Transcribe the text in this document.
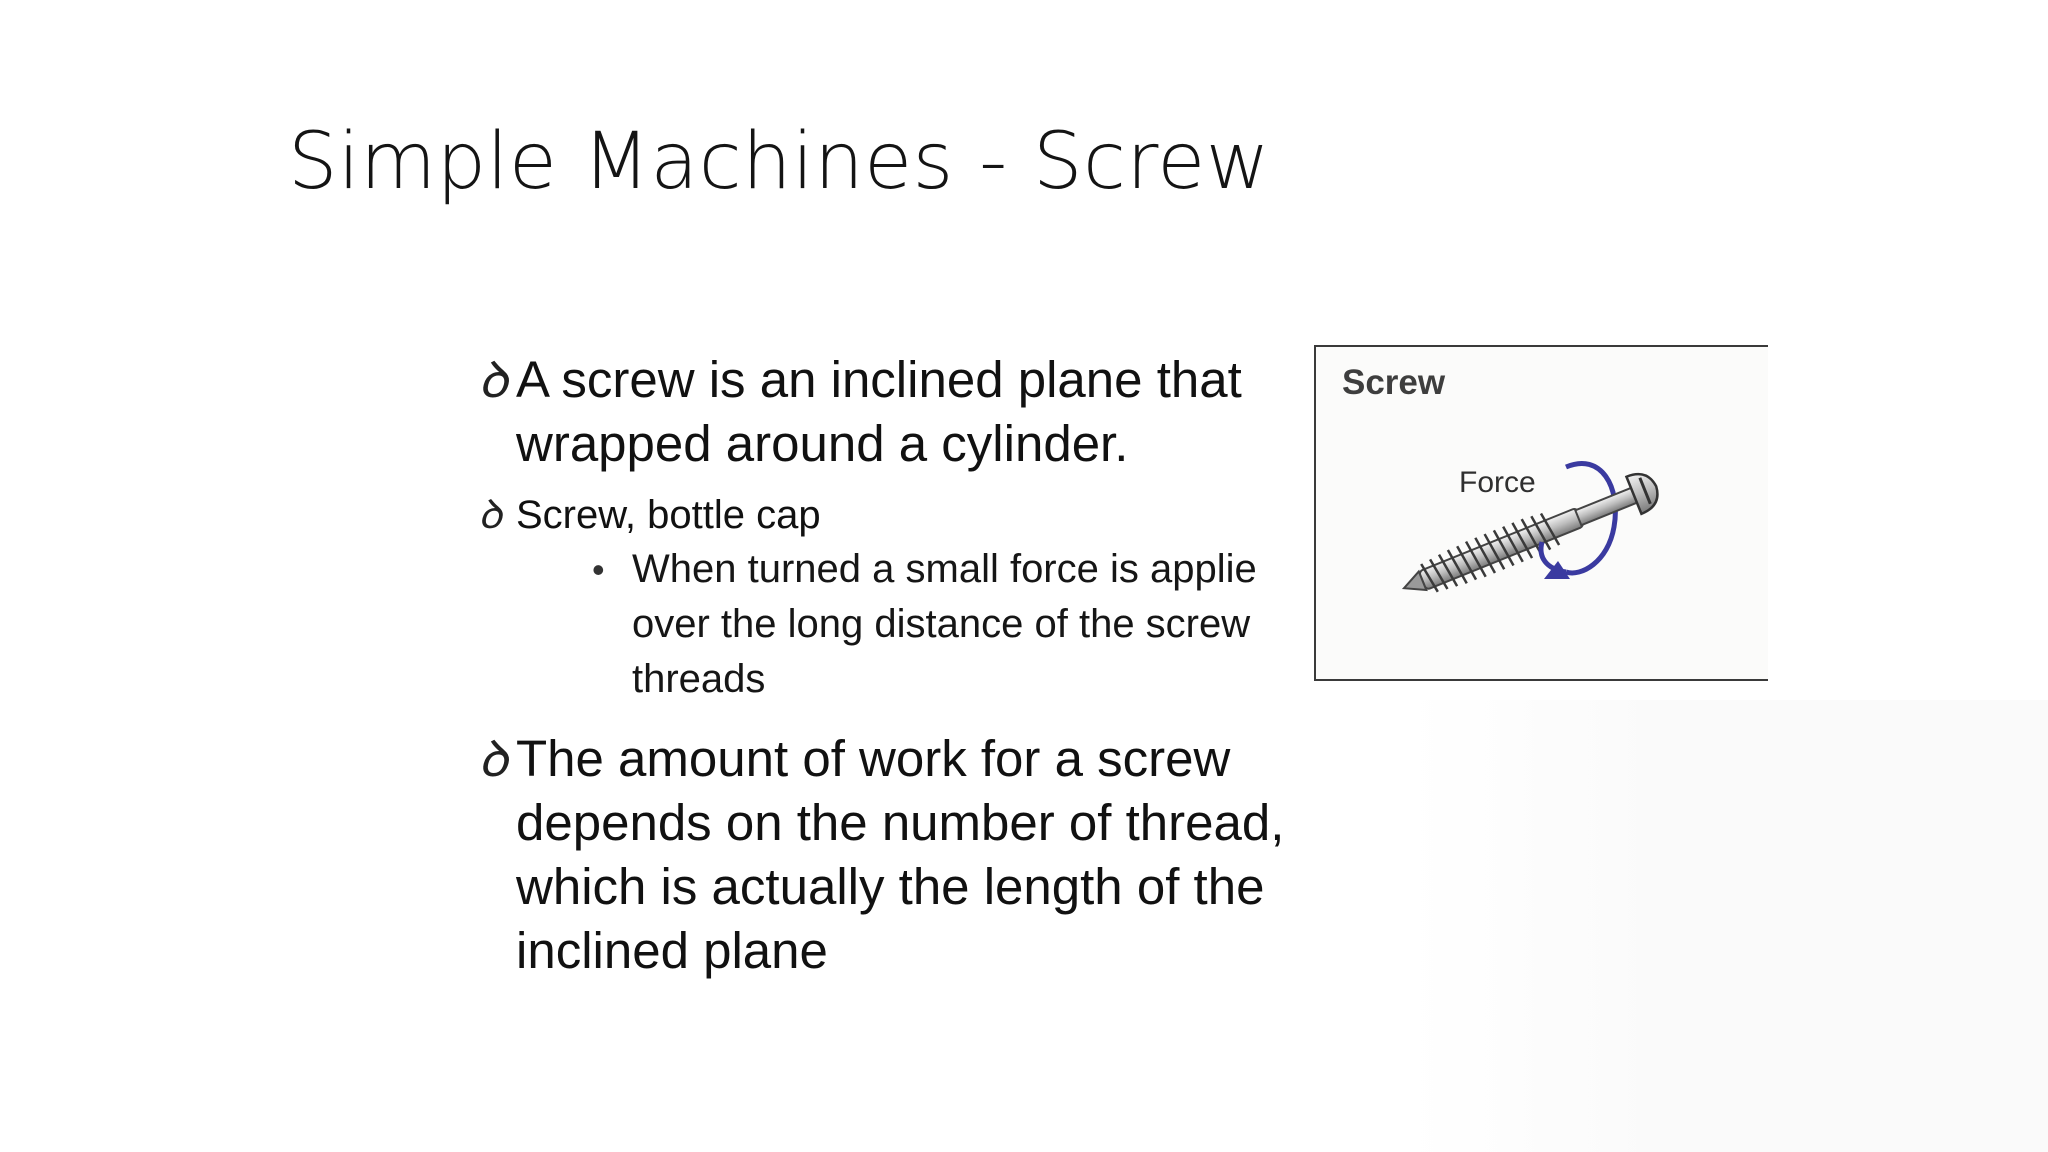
Simple Machines - Screw

ꝺ A screw is an inclined plane that
wrapped around a cylinder.

ꝺ Screw, bottle cap

• When turned a small force is applie
over the long distance of the screw
threads

ꝺ The amount of work for a screw
depends on the number of thread,
which is actually the length of the
inclined plane

Screw
Force
